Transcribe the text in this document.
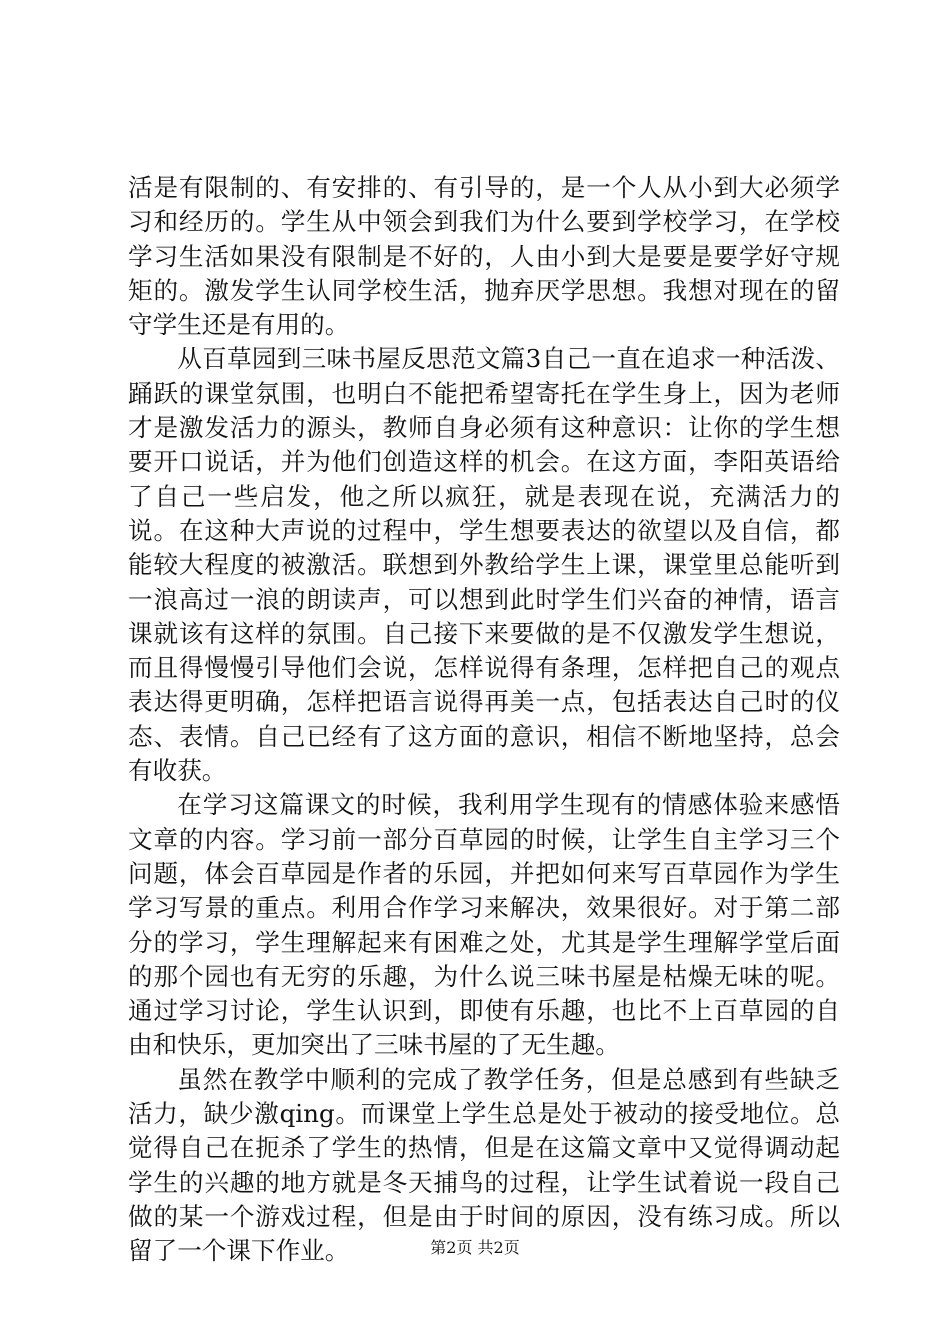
活是有限制的、有安排的、有引导的，是一个人从小到大必须学习和经历的。学生从中领会到我们为什么要到学校学习，在学校学习生活如果没有限制是不好的，人由小到大是要是要学好守规矩的。激发学生认同学校生活，抛弃厌学思想。我想对现在的留守学生还是有用的。

从百草园到三味书屋反思范文篇3自己一直在追求一种活泼、踊跃的课堂氛围，也明白不能把希望寄托在学生身上，因为老师才是激发活力的源头，教师自身必须有这种意识：让你的学生想要开口说话，并为他们创造这样的机会。在这方面，李阳英语给了自己一些启发，他之所以疯狂，就是表现在说，充满活力的说。在这种大声说的过程中，学生想要表达的欲望以及自信，都能较大程度的被激活。联想到外教给学生上课，课堂里总能听到一浪高过一浪的朗读声，可以想到此时学生们兴奋的神情，语言课就该有这样的氛围。自己接下来要做的是不仅激发学生想说，而且得慢慢引导他们会说，怎样说得有条理，怎样把自己的观点表达得更明确，怎样把语言说得再美一点，包括表达自己时的仪态、表情。自己已经有了这方面的意识，相信不断地坚持，总会有收获。

在学习这篇课文的时候，我利用学生现有的情感体验来感悟文章的内容。学习前一部分百草园的时候，让学生自主学习三个问题，体会百草园是作者的乐园，并把如何来写百草园作为学生学习写景的重点。利用合作学习来解决，效果很好。对于第二部分的学习，学生理解起来有困难之处，尤其是学生理解学堂后面的那个园也有无穷的乐趣，为什么说三味书屋是枯燥无味的呢。通过学习讨论，学生认识到，即使有乐趣，也比不上百草园的自由和快乐，更加突出了三味书屋的了无生趣。

虽然在教学中顺利的完成了教学任务，但是总感到有些缺乏活力，缺少激qing。而课堂上学生总是处于被动的接受地位。总觉得自己在扼杀了学生的热情，但是在这篇文章中又觉得调动起学生的兴趣的地方就是冬天捕鸟的过程，让学生试着说一段自己做的某一个游戏过程，但是由于时间的原因，没有练习成。所以留了一个课下作业。	第2页 共2页
